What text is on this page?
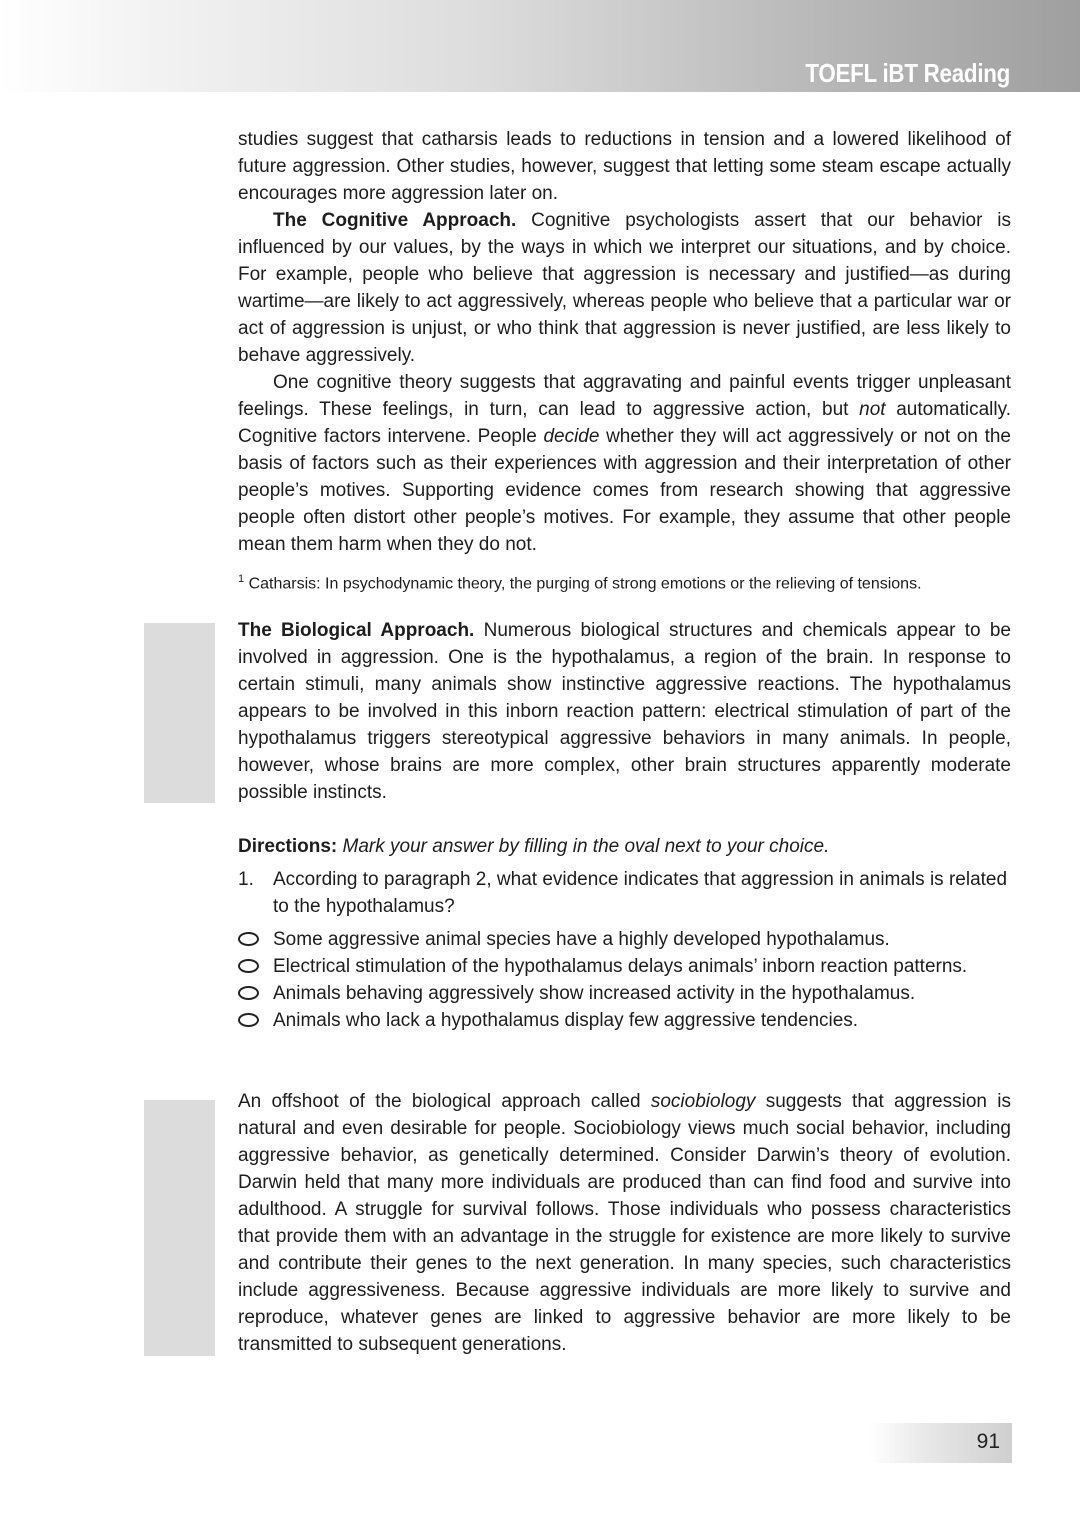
TOEFL iBT Reading

studies suggest that catharsis leads to reductions in tension and a lowered likelihood of future aggression. Other studies, however, suggest that letting some steam escape actually encourages more aggression later on.

The Cognitive Approach. Cognitive psychologists assert that our behavior is influenced by our values, by the ways in which we interpret our situations, and by choice. For example, people who believe that aggression is necessary and justified—as during wartime—are likely to act aggressively, whereas people who believe that a particular war or act of aggression is unjust, or who think that aggression is never justified, are less likely to behave aggressively.

One cognitive theory suggests that aggravating and painful events trigger unpleasant feelings. These feelings, in turn, can lead to aggressive action, but not automatically. Cognitive factors intervene. People decide whether they will act aggressively or not on the basis of factors such as their experiences with aggression and their interpretation of other people’s motives. Supporting evidence comes from research showing that aggressive people often distort other people’s motives. For example, they assume that other people mean them harm when they do not.

$^1$ Catharsis: In psychodynamic theory, the purging of strong emotions or the relieving of tensions.

The Biological Approach. Numerous biological structures and chemicals appear to be involved in aggression. One is the hypothalamus, a region of the brain. In response to certain stimuli, many animals show instinctive aggressive reactions. The hypothalamus appears to be involved in this inborn reaction pattern: electrical stimulation of part of the hypothalamus triggers stereotypical aggressive behaviors in many animals. In people, however, whose brains are more complex, other brain structures apparently moderate possible instincts.

Directions: Mark your answer by filling in the oval next to your choice.

1. According to paragraph 2, what evidence indicates that aggression in animals is related to the hypothalamus?
Some aggressive animal species have a highly developed hypothalamus.
Electrical stimulation of the hypothalamus delays animals’ inborn reaction patterns.
Animals behaving aggressively show increased activity in the hypothalamus.
Animals who lack a hypothalamus display few aggressive tendencies.

An offshoot of the biological approach called sociobiology suggests that aggression is natural and even desirable for people. Sociobiology views much social behavior, including aggressive behavior, as genetically determined. Consider Darwin’s theory of evolution. Darwin held that many more individuals are produced than can find food and survive into adulthood. A struggle for survival follows. Those individuals who possess characteristics that provide them with an advantage in the struggle for existence are more likely to survive and contribute their genes to the next generation. In many species, such characteristics include aggressiveness. Because aggressive individuals are more likely to survive and reproduce, whatever genes are linked to aggressive behavior are more likely to be transmitted to subsequent generations.

91
